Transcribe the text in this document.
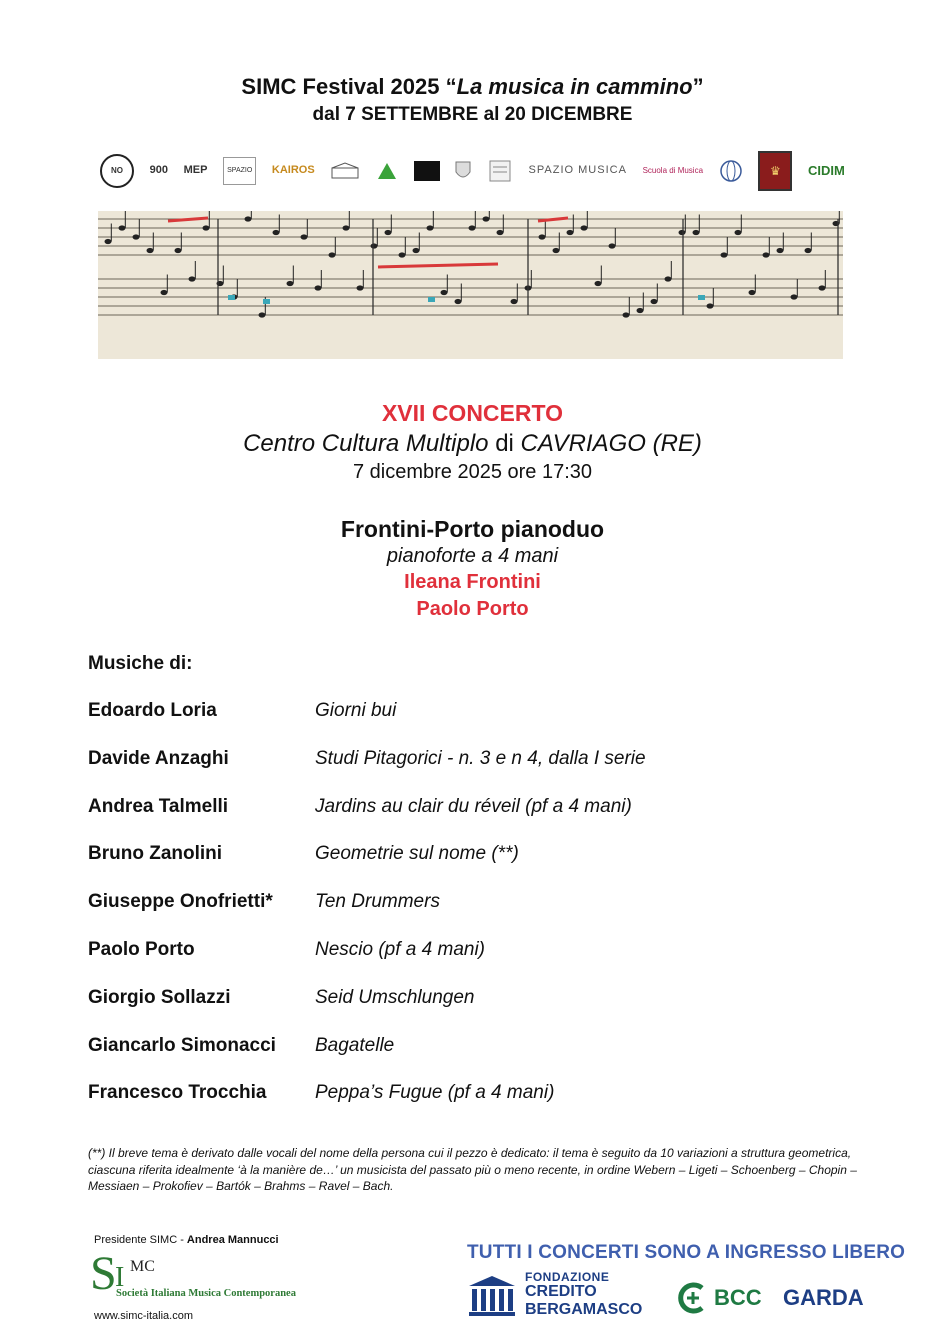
SIMC Festival 2025 “La musica in cammino”
dal 7 SETTEMBRE al 20 DICEMBRE
NO	900 MEP	SPAZIO	KAIROS	SPAZIO MUSICA Scuola di Musica	♛	CIDIM
XVII CONCERTO
Centro Cultura Multiplo di CAVRIAGO (RE)
7 dicembre 2025 ore 17:30
Frontini-Porto pianoduo
pianoforte a 4 mani
Ileana Frontini
Paolo Porto
Musiche di:
Edoardo Loria	Giorni bui
Davide Anzaghi	Studi Pitagorici - n. 3 e n 4, dalla I serie
Andrea Talmelli	Jardins au clair du réveil (pf a 4 mani)
Bruno Zanolini	Geometrie sul nome (**)
Giuseppe Onofrietti* Ten Drummers
Paolo Porto	Nescio (pf a 4 mani)
Giorgio Sollazzi	Seid Umschlungen
Giancarlo Simonacci Bagatelle
Francesco Trocchia	Peppa’s Fugue (pf a 4 mani)
(**) Il breve tema è derivato dalle vocali del nome della persona cui il pezzo è dedicato: il tema è seguito da 10 variazioni a struttura geometrica, ciascuna riferita idealmente ‘à la manière de…’ un musicista del passato più o meno recente, in ordine Webern – Ligeti – Schoenberg – Chopin – Messiaen – Prokofiev – Bartók – Brahms – Ravel – Bach.
Presidente SIMC - Andrea Mannucci
S
I MC
Società Italiana Musica Contemporanea
www.simc-italia.com
TUTTI I CONCERTI SONO A INGRESSO LIBERO
FONDAZIONE
CREDITO
BERGAMASCO	BCC GARDA
